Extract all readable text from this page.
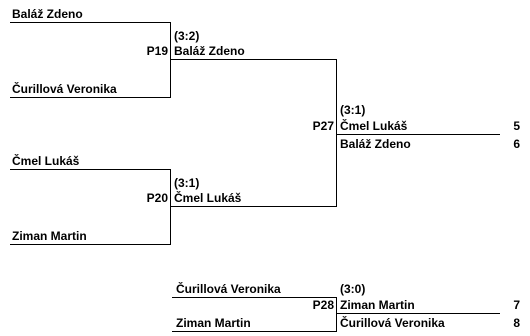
Baláž Zdeno
Čurillová Veronika
Čmel Lukáš
Ziman Martin
(3:2)
P19 Baláž Zdeno
(3:1)
P20 Čmel Lukáš
(3:1)
P27 Čmel Lukáš	5
Baláž Zdeno	6
Čurillová Veronika	(3:0)
P28 Ziman Martin	7
Ziman Martin	Čurillová Veronika	8
